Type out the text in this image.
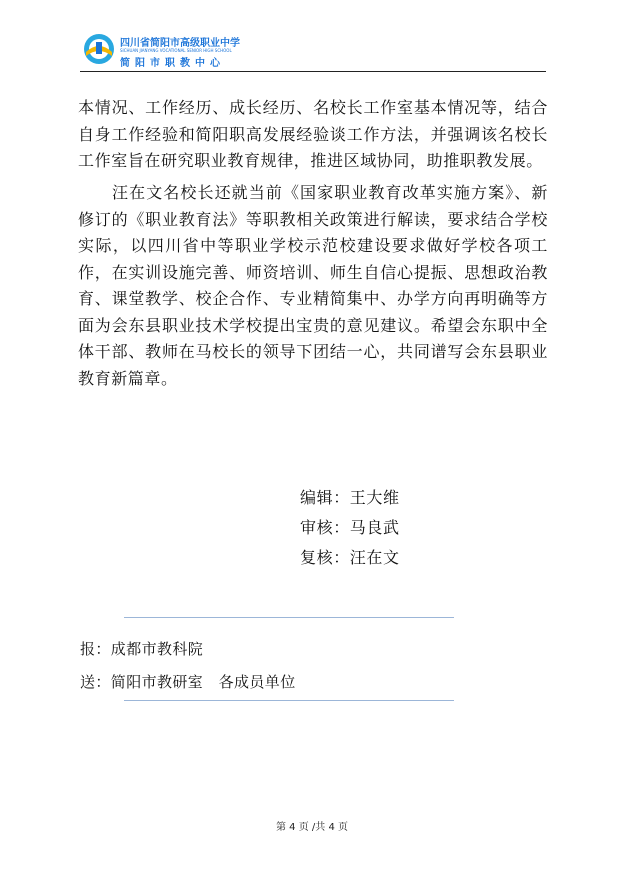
四川省简阳市高级职业中学
SICHUAN JIANYANG VOCATIONAL SENIOR HIGH SCHOOL
简阳市职教中心

本情况、工作经历、成长经历、名校长工作室基本情况等，结合自身工作经验和简阳职高发展经验谈工作方法，并强调该名校长工作室旨在研究职业教育规律，推进区域协同，助推职教发展。

汪在文名校长还就当前《国家职业教育改革实施方案》、新修订的《职业教育法》等职教相关政策进行解读，要求结合学校实际，以四川省中等职业学校示范校建设要求做好学校各项工作，在实训设施完善、师资培训、师生自信心提振、思想政治教育、课堂教学、校企合作、专业精简集中、办学方向再明确等方面为会东县职业技术学校提出宝贵的意见建议。希望会东职中全体干部、教师在马校长的领导下团结一心，共同谱写会东县职业教育新篇章。

编辑：王大维
审核：马良武
复核：汪在文
报：成都市教科院
送：简阳市教研室　各成员单位
第 4 页 /共 4 页
